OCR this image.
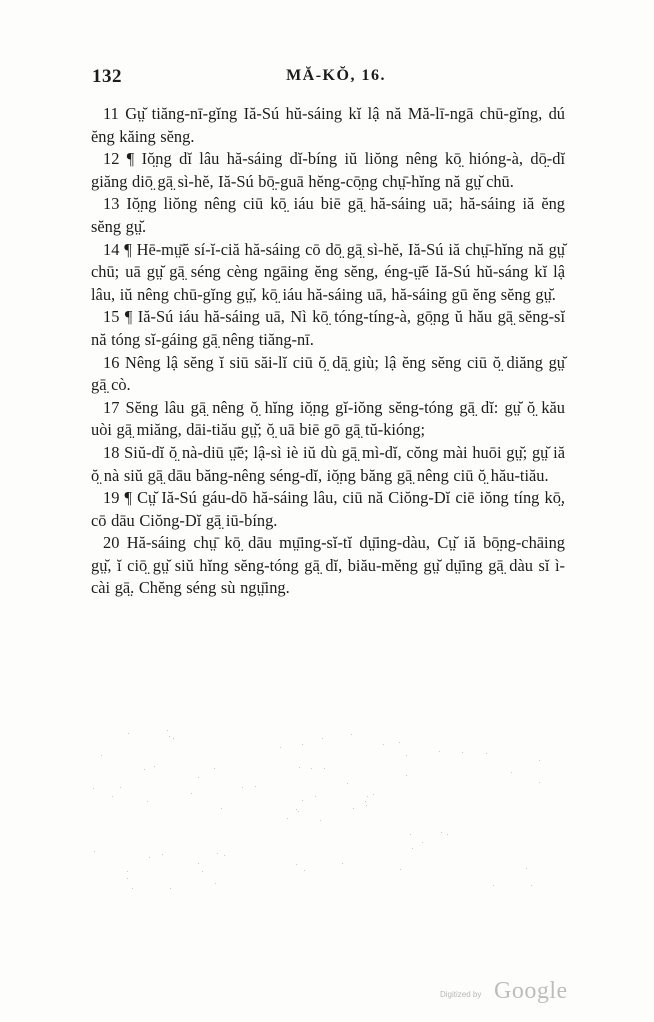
132	MĂ-KŎ, 16.

11 Gṳ̆ tiăng-nī-gĭng Iă-Sú hŭ-sáing kĭ lậ nă Mă-lī-ngā chū-gĭng, dú ĕng kăing sĕng.

12 ¶ Iŏ̤ng dĭ lâu hă-sáing dĭ-bíng iŭ liŏng nêng kō̤ hióng-à, dō̤-dĭ giăng diō̤ gā̤ sì-hĕ, Iă-Sú bō̤-guā hĕng-cō̤ng chṳ̄-hĭng nă gṳ̆ chū.

13 Iŏ̤ng liŏng nêng ciū kō̤ iáu biē gā̤ hă-sáing uā; hă-sáing iă ĕng sĕng gṳ̆.

14 ¶ Hē-mṳ̄ĕ sí-ĭ-ciă hă-sáing cō dō̤ gā̤ sì-hĕ, Iă-Sú iă chṳ̄-hĭng nă gṳ̆ chū; uā gṳ̆ gā̤ séng cèng ngāing ĕng sĕng, éng-ṳ̄ĕ Iă-Sú hŭ-sáng kĭ lậ lâu, iŭ nêng chū-gĭng gṳ̆, kō̤ iáu hă-sáing uā, hă-sáing gū ĕng sĕng gṳ̆.

15 ¶ Iă-Sú iáu hă-sáing uā, Nì kō̤ tóng-tíng-à, gō̤ng ŭ hău gā̤ sĕng-sĭ nă tóng sĭ-gáing gā̤ nêng tiăng-nī.

16 Nêng lậ sĕng ĭ siū săi-lĭ ciū ŏ̤ dā̤ giù; lậ ĕng sĕng ciū ŏ̤ diăng gṳ̆ gā̤ cò.

17 Sĕng lâu gā̤ nêng ŏ̤ hĭng iŏ̤ng gĭ-iŏng sĕng-tóng gā̤ dĭ: gṳ̆ ŏ̤ kău uòi gā̤ miăng, dāi-tiău gṳ̆; ŏ̤ uā biē gō gā̤ tŭ-kióng;

18 Siŭ-dĭ ŏ̤ nà-diū ṳ̄ĕ; lậ-sì iè iŭ dù gā̤ mì-dĭ, cŏng mài huōi gṳ̆; gṳ̆ iă ŏ̤ nà siŭ gā̤ dāu băng-nêng séng-dĭ, iŏ̤ng băng gā̤ nêng ciū ŏ̤ hău-tiău.

19 ¶ Cṳ̆ Iă-Sú gáu-dō hă-sáing lâu, ciū nă Ciŏng-Dĭ ciē iŏng tíng kō̤, cō dāu Ciŏng-Dĭ gā̤ iū-bíng.

20 Hă-sáing chṳ̄ kō̤ dāu mṳ̄ing-sĭ-tĭ dṳ̄ing-dàu, Cṳ̆ iă bō̤ng-chāing gṳ̆, ĭ ciō̤ gṳ̆ siŭ hĭng sĕng-tóng gā̤ dĭ, biău-mĕng gṳ̆ dṳ̄ing gā̤ dàu sĭ ì-cài gā̤. Chĕng séng sù ngṳ̄ing.

Digitized by Google
